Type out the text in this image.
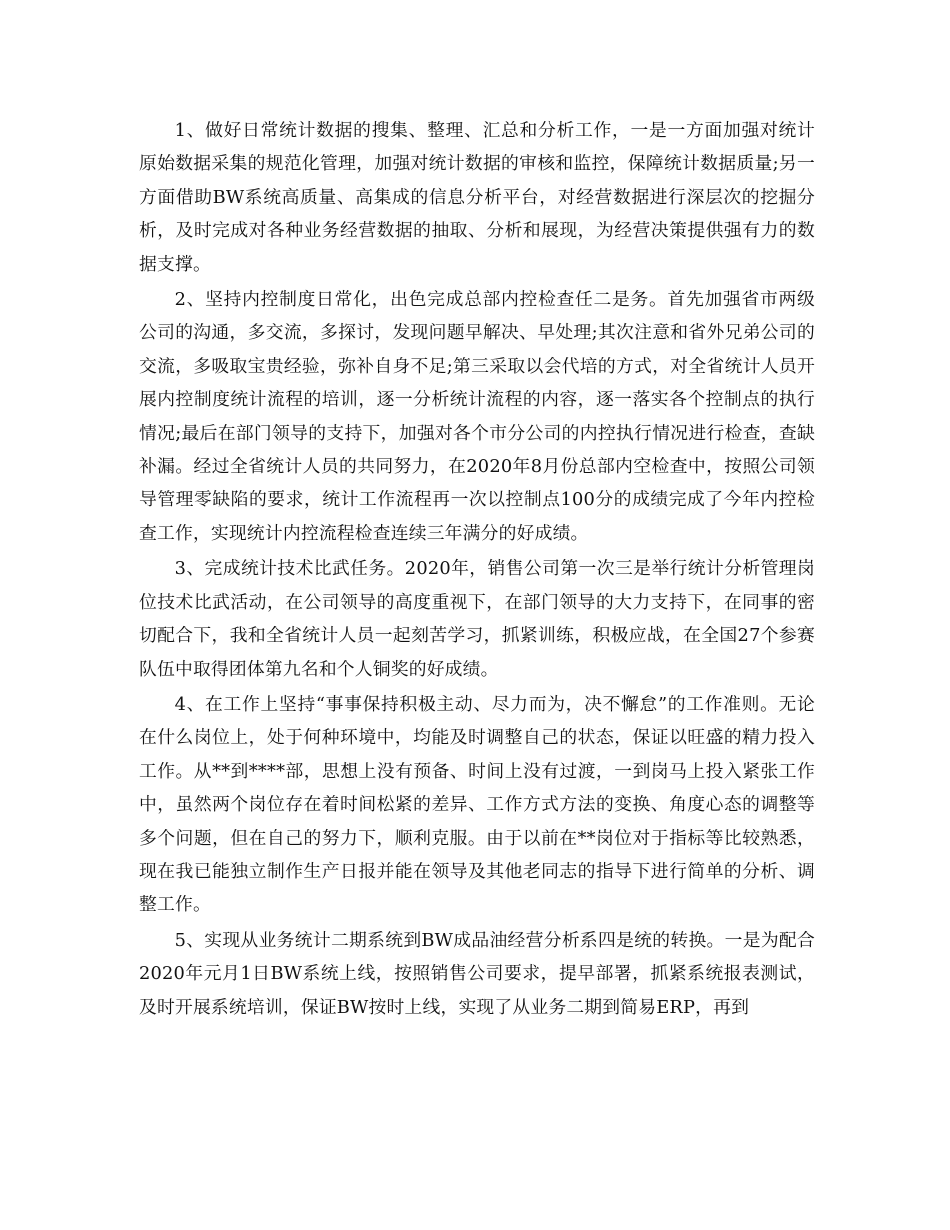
1、做好日常统计数据的搜集、整理、汇总和分析工作，一是一方面加强对统计原始数据采集的规范化管理，加强对统计数据的审核和监控，保障统计数据质量;另一方面借助BW系统高质量、高集成的信息分析平台，对经营数据进行深层次的挖掘分析，及时完成对各种业务经营数据的抽取、分析和展现，为经营决策提供强有力的数据支撑。

2、坚持内控制度日常化，出色完成总部内控检查任二是务。首先加强省市两级公司的沟通，多交流，多探讨，发现问题早解决、早处理;其次注意和省外兄弟公司的交流，多吸取宝贵经验，弥补自身不足;第三采取以会代培的方式，对全省统计人员开展内控制度统计流程的培训，逐一分析统计流程的内容，逐一落实各个控制点的执行情况;最后在部门领导的支持下，加强对各个市分公司的内控执行情况进行检查，查缺补漏。经过全省统计人员的共同努力，在2020年8月份总部内空检查中，按照公司领导管理零缺陷的要求，统计工作流程再一次以控制点100分的成绩完成了今年内控检查工作，实现统计内控流程检查连续三年满分的好成绩。

3、完成统计技术比武任务。2020年，销售公司第一次三是举行统计分析管理岗位技术比武活动，在公司领导的高度重视下，在部门领导的大力支持下，在同事的密切配合下，我和全省统计人员一起刻苦学习，抓紧训练，积极应战，在全国27个参赛队伍中取得团体第九名和个人铜奖的好成绩。

4、在工作上坚持“事事保持积极主动、尽力而为，决不懈怠”的工作准则。无论在什么岗位上，处于何种环境中，均能及时调整自己的状态，保证以旺盛的精力投入工作。从**到****部，思想上没有预备、时间上没有过渡，一到岗马上投入紧张工作中，虽然两个岗位存在着时间松紧的差异、工作方式方法的变换、角度心态的调整等多个问题，但在自己的努力下，顺利克服。由于以前在**岗位对于指标等比较熟悉，现在我已能独立制作生产日报并能在领导及其他老同志的指导下进行简单的分析、调整工作。

5、实现从业务统计二期系统到BW成品油经营分析系四是统的转换。一是为配合2020年元月1日BW系统上线，按照销售公司要求，提早部署，抓紧系统报表测试，及时开展系统培训，保证BW按时上线，实现了从业务二期到简易ERP，再到
